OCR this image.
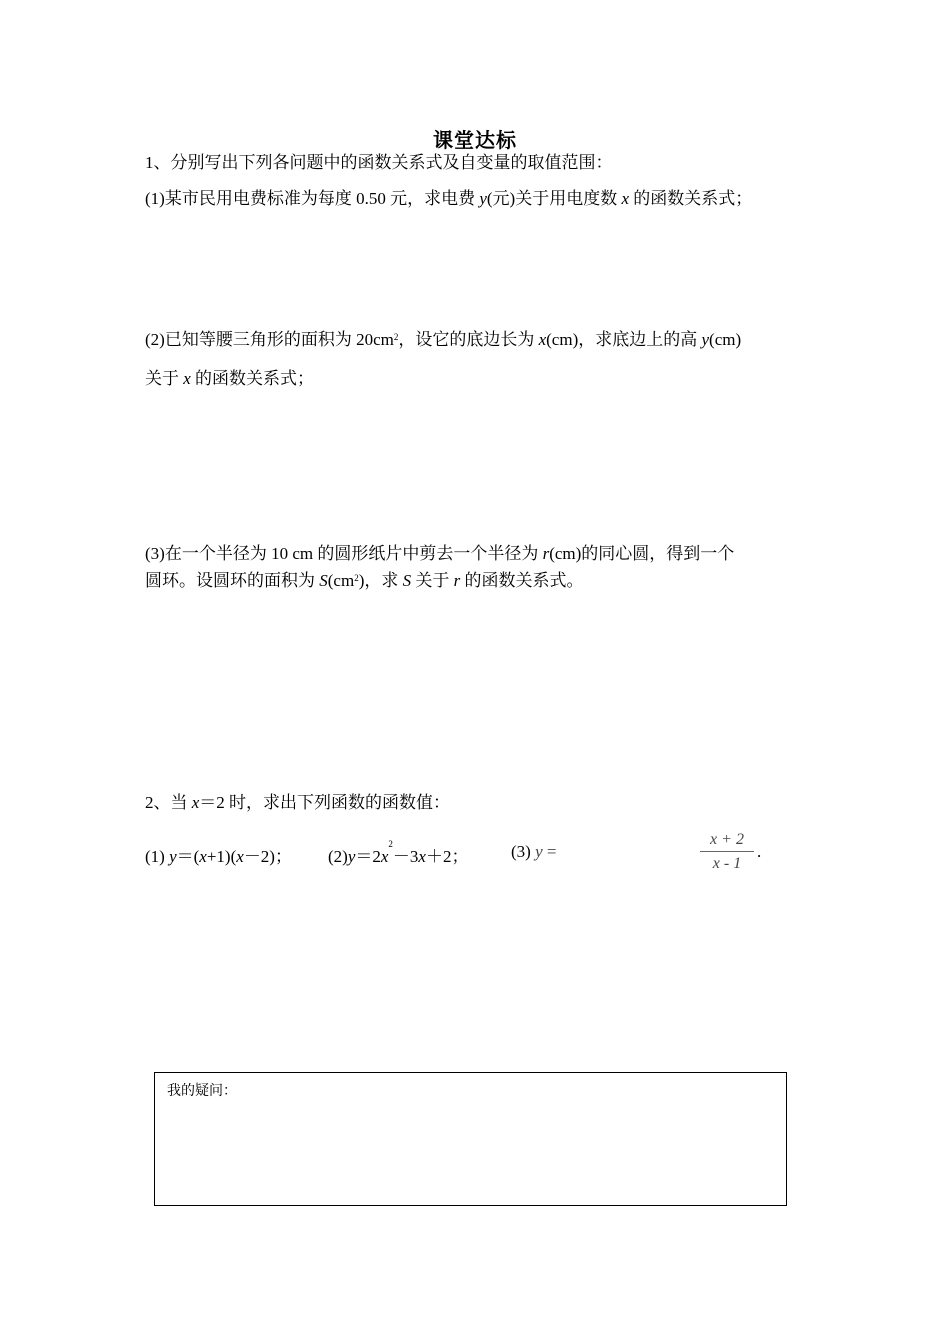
课堂达标
1、分别写出下列各问题中的函数关系式及自变量的取值范围：
(1)某市民用电费标准为每度 0.50 元，求电费 y(元)关于用电度数 x 的函数关系式；
(2)已知等腰三角形的面积为 $20cm^2$，设它的底边长为 x(cm)，求底边上的高 y(cm)
关于 x 的函数关系式；
(3)在一个半径为 10 cm 的圆形纸片中剪去一个半径为 r(cm)的同心圆，得到一个
圆环。设圆环的面积为 $S(cm^2)$，求 S 关于 r 的函数关系式。
2、当 x＝2 时，求出下列函数的函数值：
(1) y＝(x+1)(x－2)； $(2)y=2x^2-3x+2$；	(3) y =
x + 2
x - 1
.
我的疑问：
